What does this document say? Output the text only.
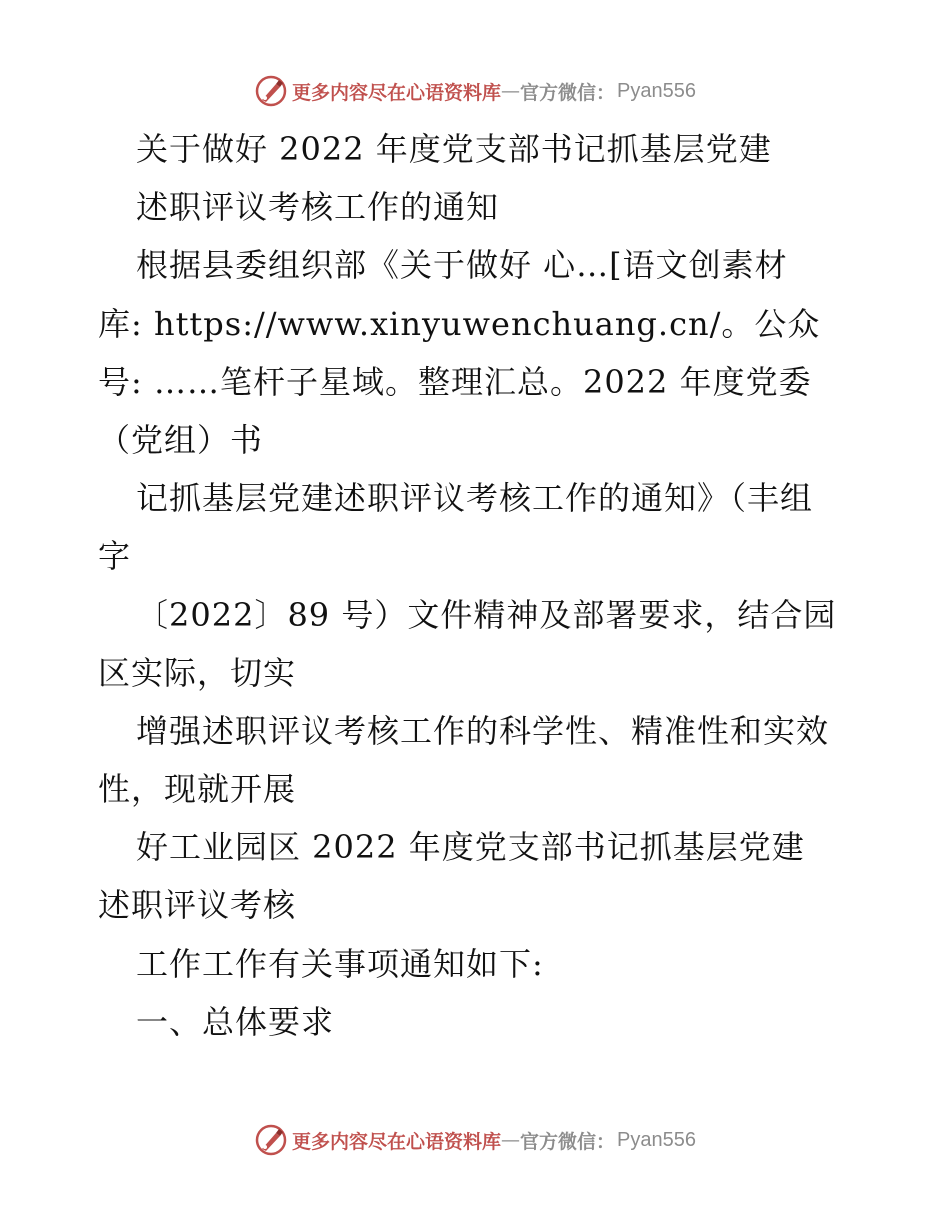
更多内容尽在心语资料库 — 官方微信： Pyan556
关于做好 2022 年度党支部书记抓基层党建
述职评议考核工作的通知
根据县委组织部《关于做好 心…[语文创素材
库: https://www.xinyuwenchuang.cn/。公众
号: ……笔杆子星域。整理汇总。2022 年度党委
（党组）书
记抓基层党建述职评议考核工作的通知》（丰组
字
〔2022〕89 号）文件精神及部署要求，结合园
区实际，切实
增强述职评议考核工作的科学性、精准性和实效
性，现就开展
好工业园区 2022 年度党支部书记抓基层党建
述职评议考核
工作工作有关事项通知如下:
一、总体要求
更多内容尽在心语资料库 — 官方微信： Pyan556
